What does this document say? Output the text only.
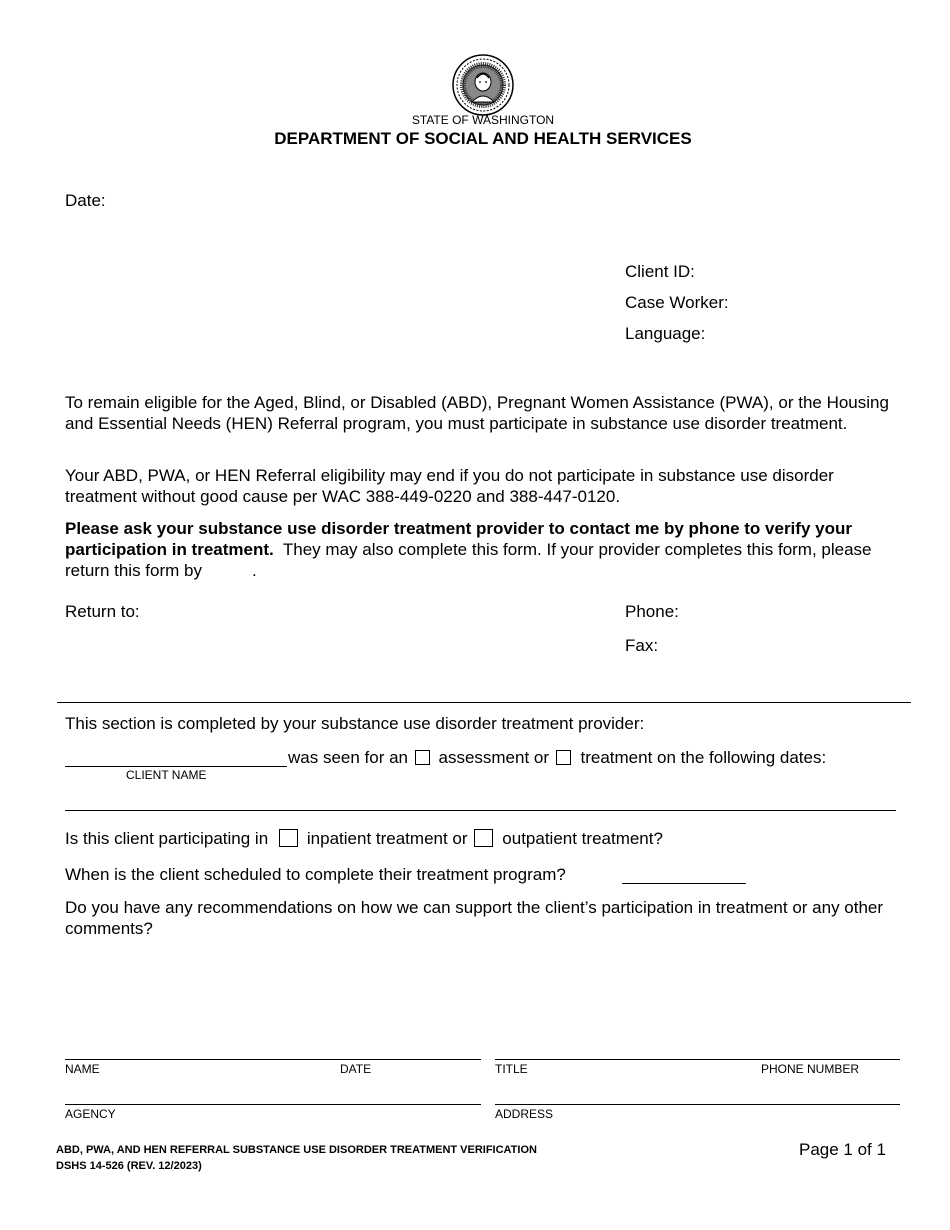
STATE OF WASHINGTON
DEPARTMENT OF SOCIAL AND HEALTH SERVICES
Date:
Client ID:
Case Worker:
Language:
To remain eligible for the Aged, Blind, or Disabled (ABD), Pregnant Women Assistance (PWA), or the Housing and Essential Needs (HEN) Referral program, you must participate in substance use disorder treatment.
Your ABD, PWA, or HEN Referral eligibility may end if you do not participate in substance use disorder treatment without good cause per WAC 388-449-0220 and 388-447-0120.
Please ask your substance use disorder treatment provider to contact me by phone to verify your participation in treatment. They may also complete this form. If your provider completes this form, please return this form by	.
Return to:	Phone:
Fax:
This section is completed by your substance use disorder treatment provider:
was seen for an assessment or treatment on the following dates:
CLIENT NAME
Is this client participating in inpatient treatment or outpatient treatment?
When is the client scheduled to complete their treatment program?
Do you have any recommendations on how we can support the client’s participation in treatment or any other comments?
NAME	DATE	TITLE	PHONE NUMBER
AGENCY	ADDRESS
ABD, PWA, AND HEN REFERRAL SUBSTANCE USE DISORDER TREATMENT VERIFICATION
DSHS 14-526 (REV. 12/2023)
Page 1 of 1
